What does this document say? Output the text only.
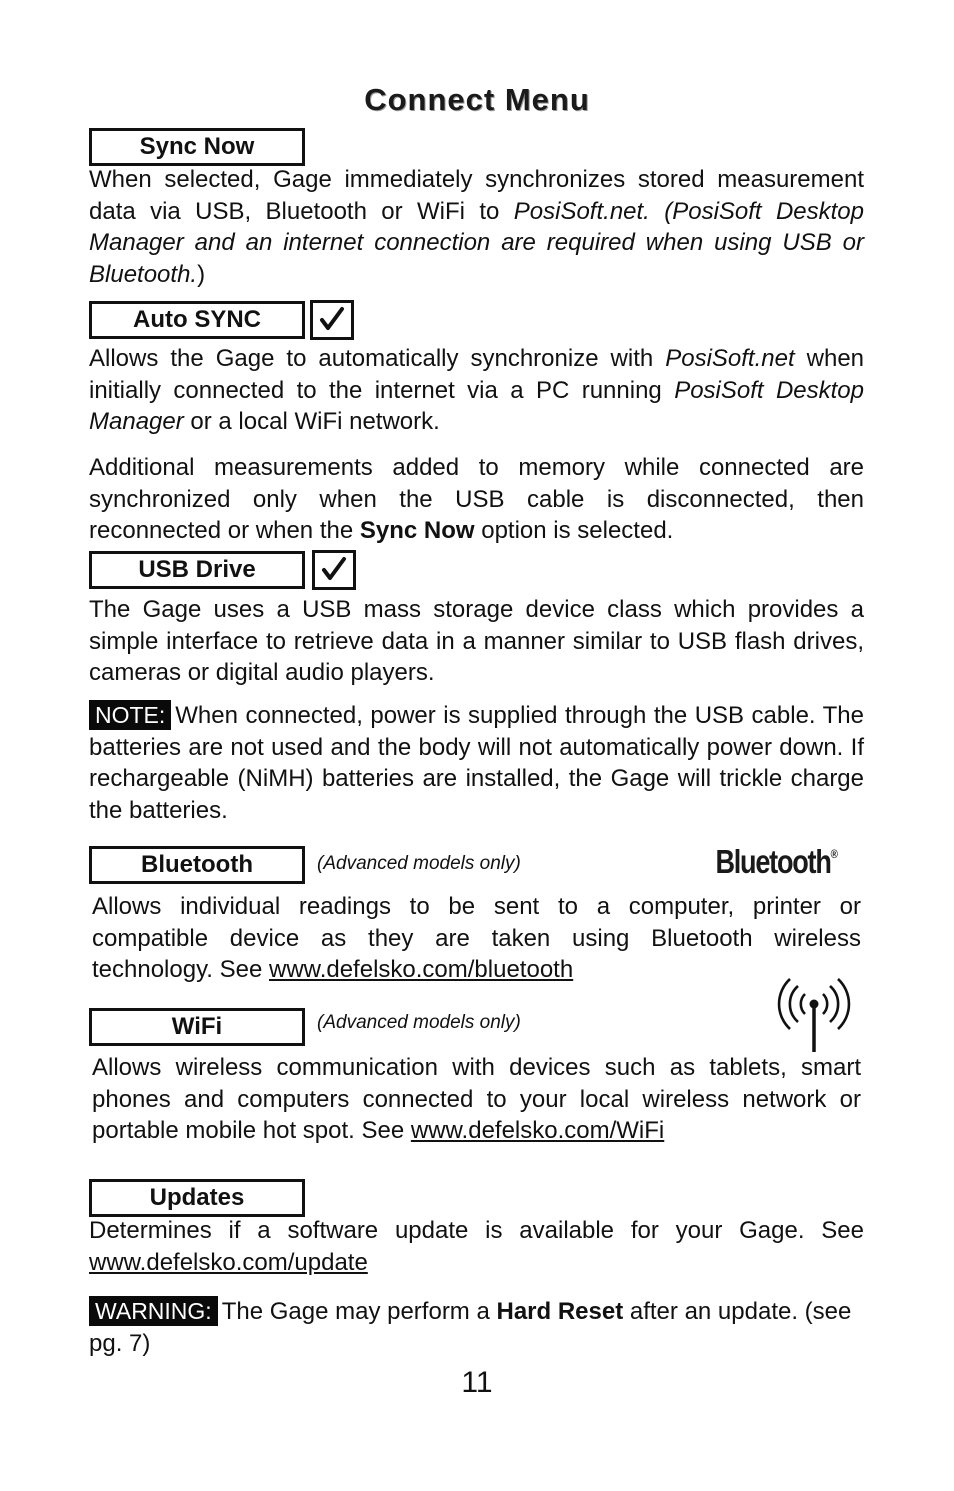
Connect Menu
Sync Now
When selected, Gage immediately synchronizes stored measurement data via USB, Bluetooth or WiFi to PosiSoft.net. (PosiSoft Desktop Manager and an internet connection are required when using USB or Bluetooth.)
Auto SYNC
Allows the Gage to automatically synchronize with PosiSoft.net when initially connected to the internet via a PC running PosiSoft Desktop Manager or a local WiFi network.
Additional measurements added to memory while connected are synchronized only when the USB cable is disconnected, then reconnected or when the Sync Now option is selected.
USB Drive
The Gage uses a USB mass storage device class which provides a simple interface to retrieve data in a manner similar to USB flash drives, cameras or digital audio players.
NOTE: When connected, power is supplied through the USB cable. The batteries are not used and the body will not automatically power down. If rechargeable (NiMH) batteries are installed, the Gage will trickle charge the batteries.
Bluetooth	(Advanced models only)	Bluetooth ®
Allows individual readings to be sent to a computer, printer or compatible device as they are taken using Bluetooth wireless technology. See www.defelsko.com/bluetooth
WiFi	(Advanced models only)
Allows wireless communication with devices such as tablets, smart phones and computers connected to your local wireless network or portable mobile hot spot. See www.defelsko.com/WiFi
Updates
Determines if a software update is available for your Gage. See www.defelsko.com/update
WARNING: The Gage may perform a Hard Reset after an update. (see pg. 7)
11
